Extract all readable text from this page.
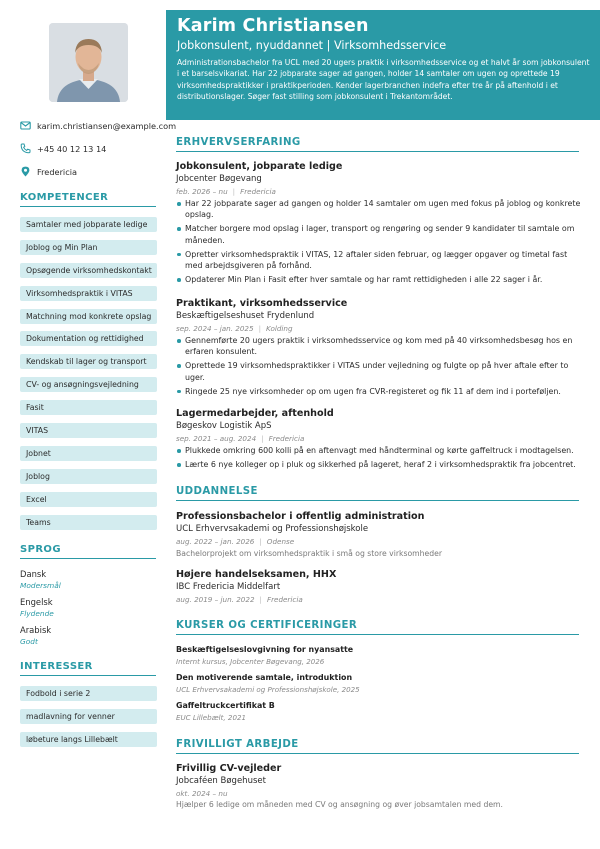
karim.christiansen@example.com
+45 40 12 13 14
Fredericia
KOMPETENCER
Samtaler med jobparate ledige
Joblog og Min Plan
Opsøgende virksomhedskontakt
Virksomhedspraktik i VITAS
Matchning mod konkrete opslag
Dokumentation og rettidighed
Kendskab til lager og transport
CV- og ansøgningsvejledning
Fasit
VITAS
Jobnet
Joblog
Excel
Teams
SPROG
Dansk
Modersmål
Engelsk
Flydende
Arabisk
Godt
INTERESSER
Fodbold i serie 2
madlavning for venner
løbeture langs Lillebælt
Karim Christiansen
Jobkonsulent, nyuddannet | Virksomhedsservice
Administrationsbachelor fra UCL med 20 ugers praktik i virksomhedsservice og et halvt år som jobkonsulent i et barselsvikariat. Har 22 jobparate sager ad gangen, holder 14 samtaler om ugen og oprettede 19 virksomhedspraktikker i praktikperioden. Kender lagerbranchen indefra efter tre år på aftenhold i et distributionslager. Søger fast stilling som jobkonsulent i Trekantområdet.
ERHVERVSERFARING
Jobkonsulent, jobparate ledige
Jobcenter Bøgevang
feb. 2026 – nu | Fredericia
Har 22 jobparate sager ad gangen og holder 14 samtaler om ugen med fokus på joblog og konkrete opslag.
Matcher borgere mod opslag i lager, transport og rengøring og sender 9 kandidater til samtale om måneden.
Opretter virksomhedspraktik i VITAS, 12 aftaler siden februar, og lægger opgaver og timetal fast med arbejdsgiveren på forhånd.
Opdaterer Min Plan i Fasit efter hver samtale og har ramt rettidigheden i alle 22 sager i år.
Praktikant, virksomhedsservice
Beskæftigelseshuset Frydenlund
sep. 2024 – jan. 2025 | Kolding
Gennemførte 20 ugers praktik i virksomhedsservice og kom med på 40 virksomhedsbesøg hos en erfaren konsulent.
Oprettede 19 virksomhedspraktikker i VITAS under vejledning og fulgte op på hver aftale efter to uger.
Ringede 25 nye virksomheder op om ugen fra CVR-registeret og fik 11 af dem ind i porteføljen.
Lagermedarbejder, aftenhold
Bøgeskov Logistik ApS
sep. 2021 – aug. 2024 | Fredericia
Plukkede omkring 600 kolli på en aftenvagt med håndterminal og kørte gaffeltruck i modtagelsen.
Lærte 6 nye kolleger op i pluk og sikkerhed på lageret, heraf 2 i virksomhedspraktik fra jobcentret.
UDDANNELSE
Professionsbachelor i offentlig administration
UCL Erhvervsakademi og Professionshøjskole
aug. 2022 – jan. 2026 | Odense
Bachelorprojekt om virksomhedspraktik i små og store virksomheder
Højere handelseksamen, HHX
IBC Fredericia Middelfart
aug. 2019 – jun. 2022 | Fredericia
KURSER OG CERTIFICERINGER
Beskæftigelseslovgivning for nyansatte
Internt kursus, Jobcenter Bøgevang, 2026
Den motiverende samtale, introduktion
UCL Erhvervsakademi og Professionshøjskole, 2025
Gaffeltruckcertifikat B
EUC Lillebælt, 2021
FRIVILLIGT ARBEJDE
Frivillig CV-vejleder
Jobcaféen Bøgehuset
okt. 2024 – nu
Hjælper 6 ledige om måneden med CV og ansøgning og øver jobsamtalen med dem.
